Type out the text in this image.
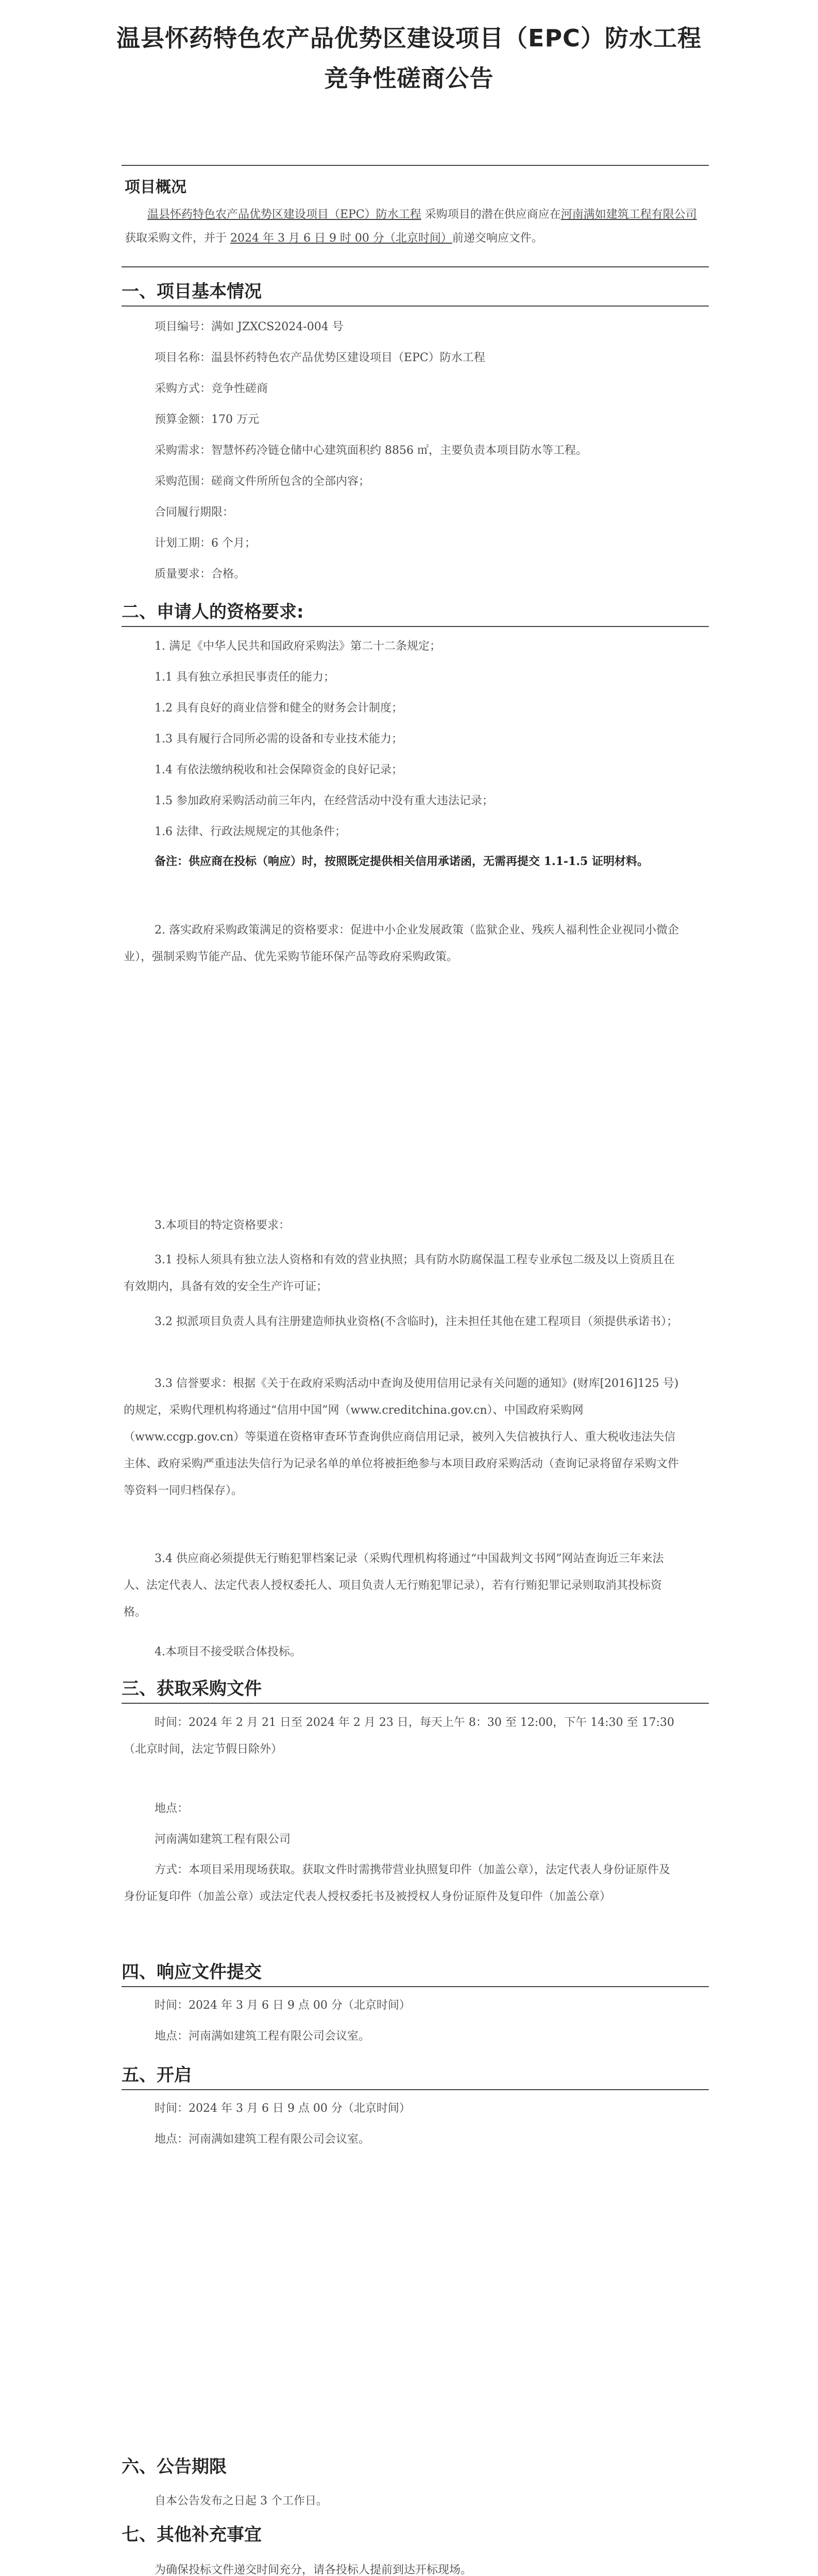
温县怀药特色农产品优势区建设项目（EPC）防水工程
竞争性磋商公告
项目概况
温县怀药特色农产品优势区建设项目（EPC）防水工程 采购项目的潜在供应商应在河南满如建筑工程有限公司获取采购文件，并于 2024 年 3 月 6 日 9 时 00 分（北京时间）前递交响应文件。
一、项目基本情况
项目编号：满如 JZXCS2024-004 号
项目名称：温县怀药特色农产品优势区建设项目（EPC）防水工程
采购方式：竞争性磋商
预算金额：170 万元
采购需求：智慧怀药冷链仓储中心建筑面积约 8856 ㎡，主要负责本项目防水等工程。
采购范围：磋商文件所所包含的全部内容；
合同履行期限：
计划工期：6 个月；
质量要求：合格。
二、申请人的资格要求:
1. 满足《中华人民共和国政府采购法》第二十二条规定；
1.1 具有独立承担民事责任的能力；
1.2 具有良好的商业信誉和健全的财务会计制度；
1.3 具有履行合同所必需的设备和专业技术能力；
1.4 有依法缴纳税收和社会保障资金的良好记录；
1.5 参加政府采购活动前三年内，在经营活动中没有重大违法记录；
1.6 法律、行政法规规定的其他条件；
备注：供应商在投标（响应）时，按照既定提供相关信用承诺函，无需再提交 1.1-1.5 证明材料。
2. 落实政府采购政策满足的资格要求：促进中小企业发展政策（监狱企业、残疾人福利性企业视同小微企业），强制采购节能产品、优先采购节能环保产品等政府采购政策。
3.本项目的特定资格要求：
3.1 投标人须具有独立法人资格和有效的营业执照；具有防水防腐保温工程专业承包二级及以上资质且在有效期内，具备有效的安全生产许可证；
3.2 拟派项目负责人具有注册建造师执业资格(不含临时)，注未担任其他在建工程项目（须提供承诺书）；
3.3 信誉要求：根据《关于在政府采购活动中查询及使用信用记录有关问题的通知》(财库[2016]125 号)的规定，采购代理机构将通过“信用中国”网（www.creditchina.gov.cn）、中国政府采购网（www.ccgp.gov.cn）等渠道在资格审查环节查询供应商信用记录，被列入失信被执行人、重大税收违法失信主体、政府采购严重违法失信行为记录名单的单位将被拒绝参与本项目政府采购活动（查询记录将留存采购文件等资料一同归档保存）。
3.4 供应商必须提供无行贿犯罪档案记录（采购代理机构将通过“中国裁判文书网”网站查询近三年来法人、法定代表人、法定代表人授权委托人、项目负责人无行贿犯罪记录），若有行贿犯罪记录则取消其投标资格。
4.本项目不接受联合体投标。
三、获取采购文件
时间：2024 年 2 月 21 日至 2024 年 2 月 23 日，每天上午 8：30 至 12:00，下午 14:30 至 17:30（北京时间，法定节假日除外）
地点：
河南满如建筑工程有限公司
方式：本项目采用现场获取。获取文件时需携带营业执照复印件（加盖公章），法定代表人身份证原件及身份证复印件（加盖公章）或法定代表人授权委托书及被授权人身份证原件及复印件（加盖公章）
四、响应文件提交
时间：2024 年 3 月 6 日 9 点 00 分（北京时间）
地点：河南满如建筑工程有限公司会议室。
五、开启
时间：2024 年 3 月 6 日 9 点 00 分（北京时间）
地点：河南满如建筑工程有限公司会议室。
六、公告期限
自本公告发布之日起 3 个工作日。
七、其他补充事宜
为确保投标文件递交时间充分，请各投标人提前到达开标现场。
